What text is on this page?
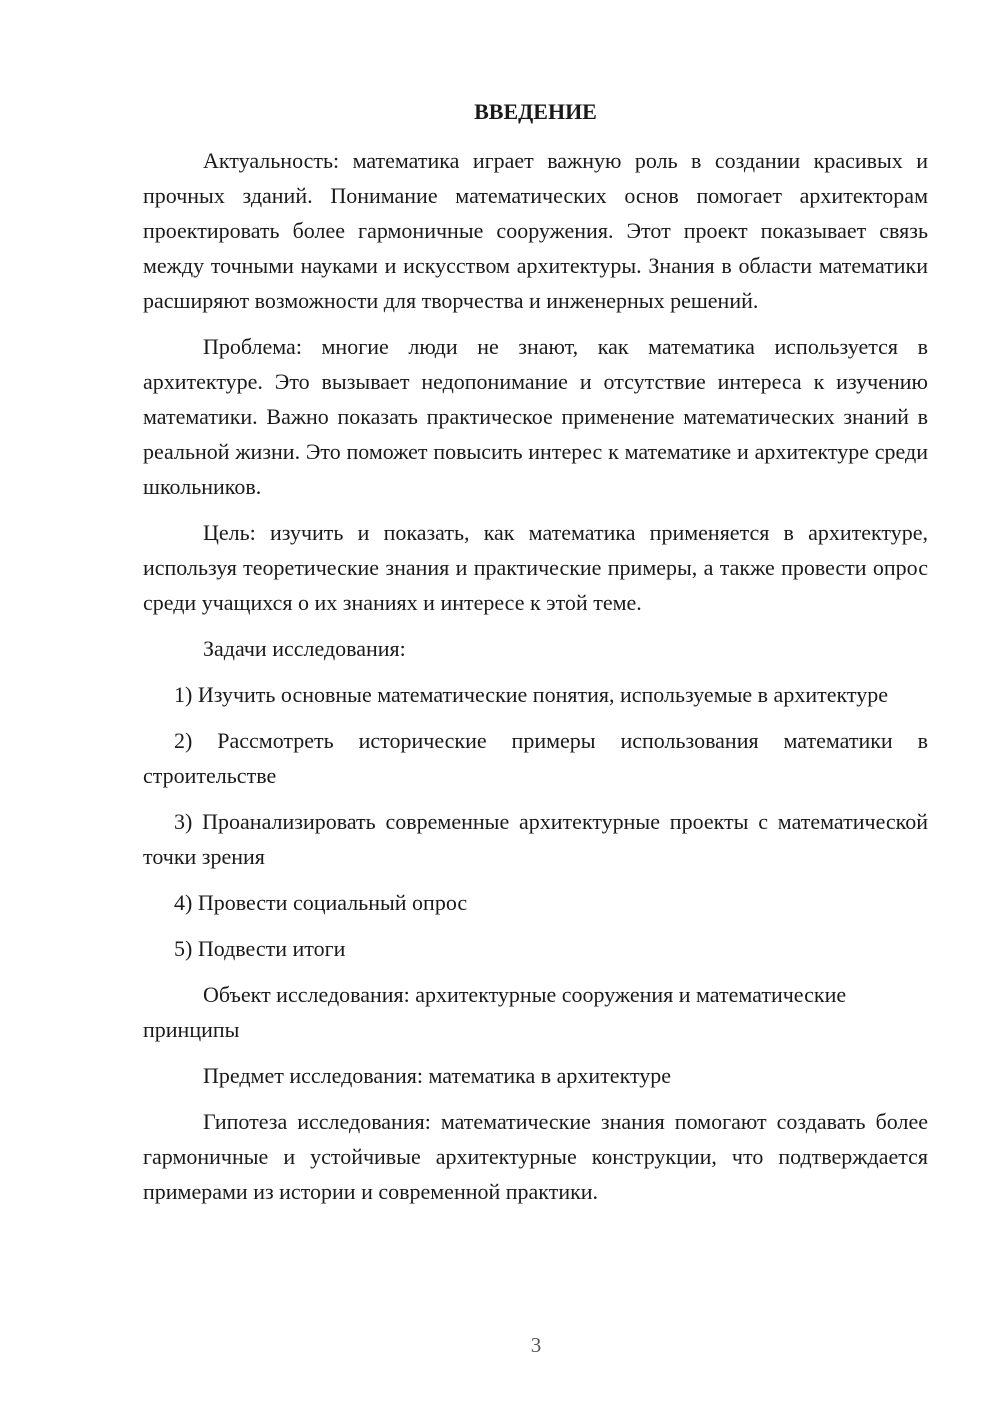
ВВЕДЕНИЕ

Актуальность: математика играет важную роль в создании красивых и прочных зданий. Понимание математических основ помогает архитекторам проектировать более гармоничные сооружения. Этот проект показывает связь между точными науками и искусством архитектуры. Знания в области математики расширяют возможности для творчества и инженерных решений.

Проблема: многие люди не знают, как математика используется в архитектуре. Это вызывает недопонимание и отсутствие интереса к изучению математики. Важно показать практическое применение математических знаний в реальной жизни. Это поможет повысить интерес к математике и архитектуре среди школьников.

Цель: изучить и показать, как математика применяется в архитектуре, используя теоретические знания и практические примеры, а также провести опрос среди учащихся о их знаниях и интересе к этой теме.

Задачи исследования:

1) Изучить основные математические понятия, используемые в архитектуре

2) Рассмотреть исторические примеры использования математики в строительстве

3) Проанализировать современные архитектурные проекты с математической точки зрения

4) Провести социальный опрос

5) Подвести итоги

Объект исследования: архитектурные сооружения и математические принципы

Предмет исследования: математика в архитектуре

Гипотеза исследования: математические знания помогают создавать более гармоничные и устойчивые архитектурные конструкции, что подтверждается примерами из истории и современной практики.

3
